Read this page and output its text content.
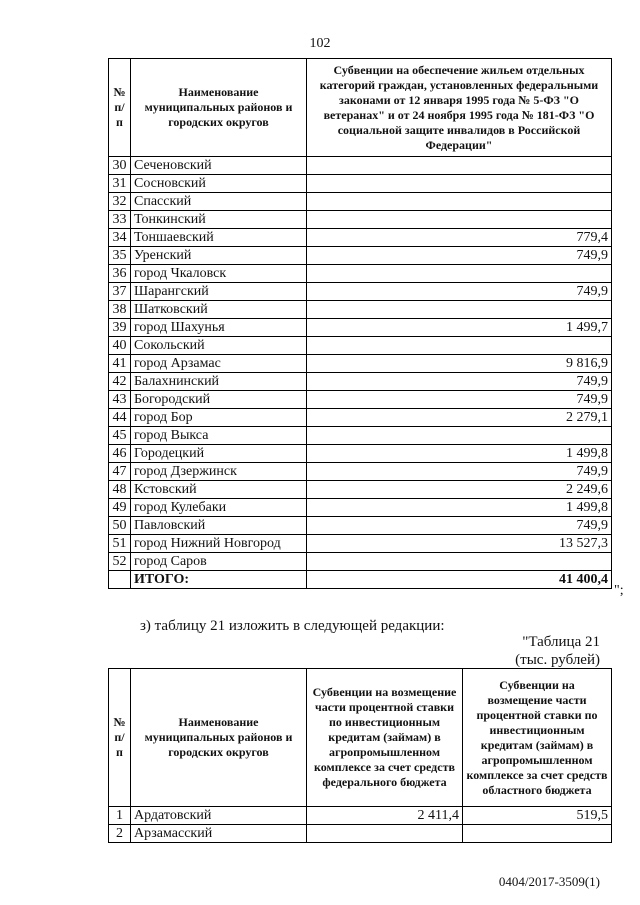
102
№ п/п	Наименование муниципальных районов и городских округов	Субвенции на обеспечение жильем отдельных категорий граждан, установленных федеральными законами от 12 января 1995 года № 5-ФЗ "О ветеранах" и от 24 ноября 1995 года № 181-ФЗ "О социальной защите инвалидов в Российской Федерации"
30	Сеченовский	
31	Сосновский	
32	Спасский	
33	Тонкинский	
34	Тоншаевский	779,4
35	Уренский	749,9
36	город Чкаловск	
37	Шарангский	749,9
38	Шатковский	
39	город Шахунья	1 499,7
40	Сокольский	
41	город Арзамас	9 816,9
42	Балахнинский	749,9
43	Богородский	749,9
44	город Бор	2 279,1
45	город Выкса	
46	Городецкий	1 499,8
47	город Дзержинск	749,9
48	Кстовский	2 249,6
49	город Кулебаки	1 499,8
50	Павловский	749,9
51	город Нижний Новгород	13 527,3
52	город Саров	
	ИТОГО:	41 400,4
";
з) таблицу 21 изложить в следующей редакции:
"Таблица 21
(тыс. рублей)
№ п/п	Наименование муниципальных районов и городских округов	Субвенции на возмещение части процентной ставки по инвестиционным кредитам (займам) в агропромышленном комплексе за счет средств федерального бюджета	Субвенции на возмещение части процентной ставки по инвестиционным кредитам (займам) в агропромышленном комплексе за счет средств областного бюджета
1	Ардатовский	2 411,4	519,5
2	Арзамасский		
0404/2017-3509(1)
